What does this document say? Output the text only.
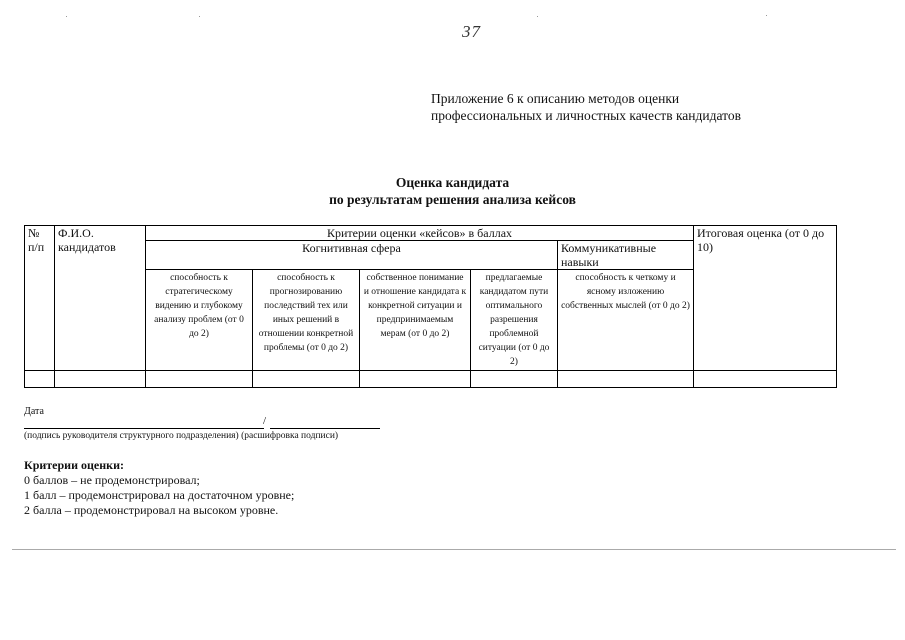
37
Приложение 6 к описанию методов оценки
профессиональных и личностных качеств кандидатов
Оценка кандидата
по результатам решения анализа кейсов
№ п/п	Ф.И.О. кандидатов	Критерии оценки «кейсов» в баллах					Итоговая оценка (от 0 до 10)
		Когнитивная сфера				Коммуникативные навыки	
		способность к стратегическому видению и глубокому анализу проблем (от 0 до 2)	способность к прогнозированию последствий тех или иных решений в отношении конкретной проблемы (от 0 до 2)	собственное понимание и отношение кандидата к конкретной ситуации и предпринимаемым мерам (от 0 до 2)	предлагаемые кандидатом пути оптимального разрешения проблемной ситуации (от 0 до 2)	способность к четкому и ясному изложению собственных мыслей (от 0 до 2)	

Дата
/
(подпись руководителя структурного подразделения) (расшифровка подписи)
Критерии оценки:
0 баллов – не продемонстрировал;
1 балл – продемонстрировал на достаточном уровне;
2 балла – продемонстрировал на высоком уровне.
